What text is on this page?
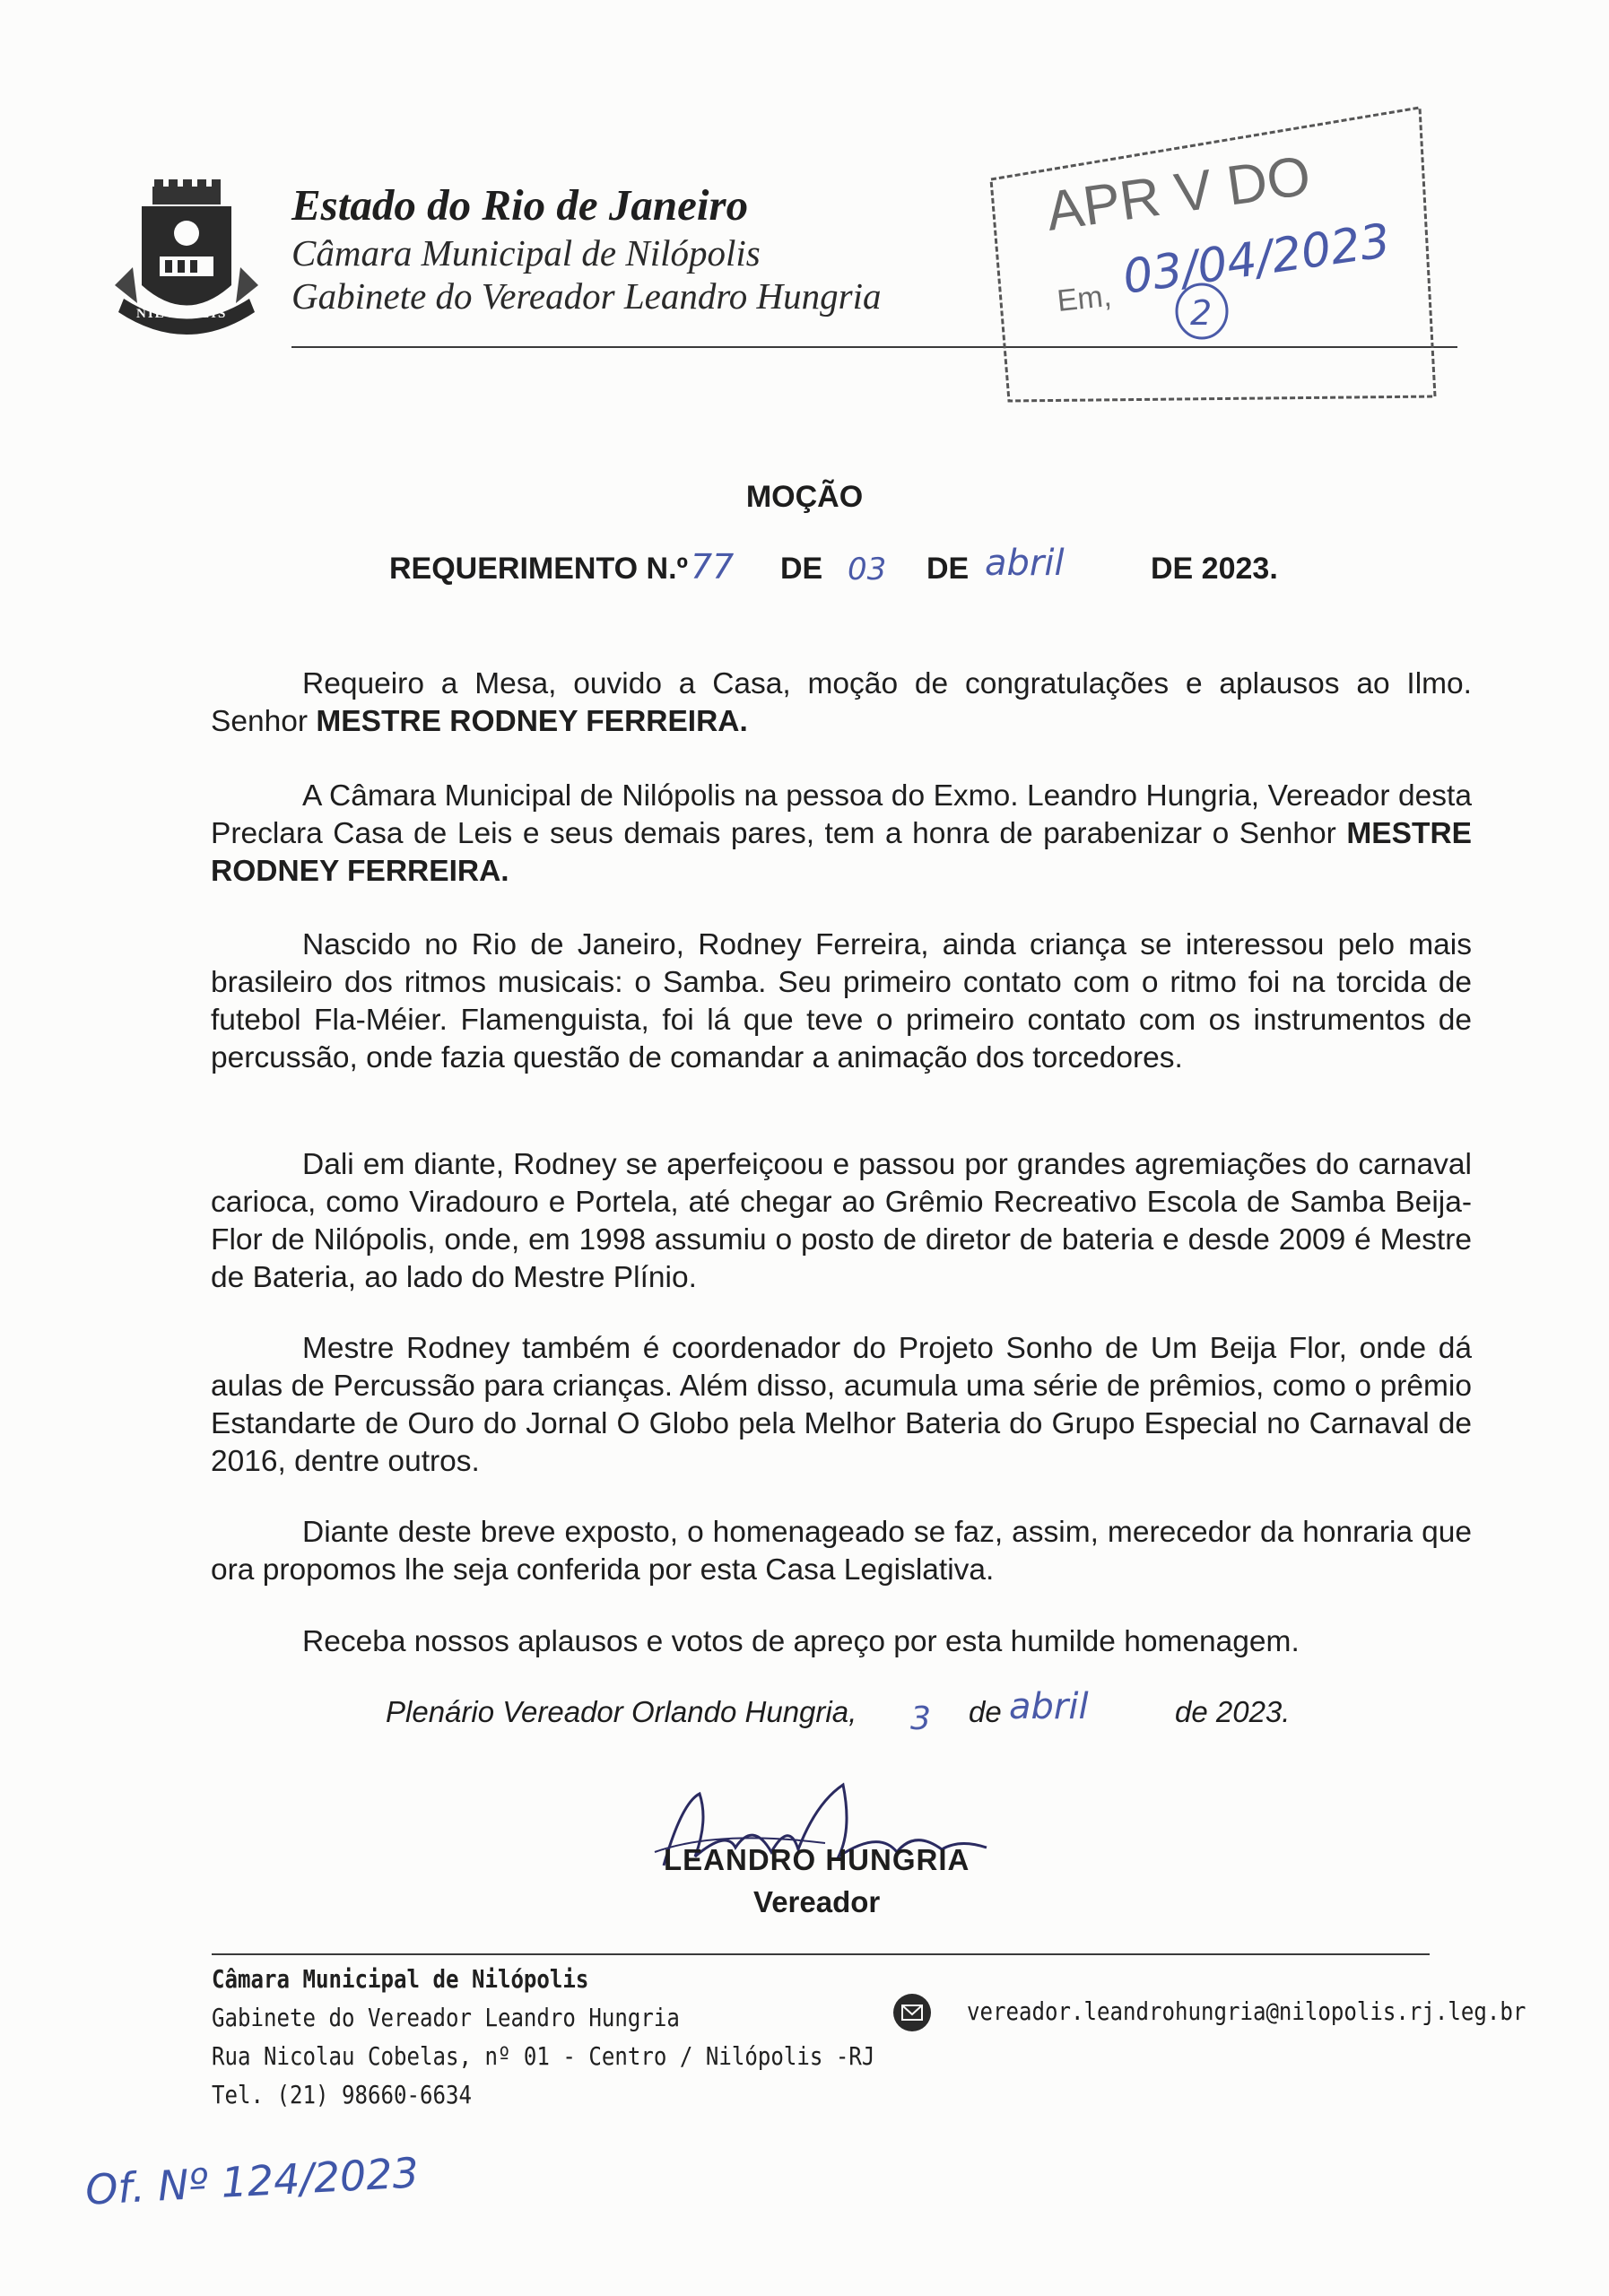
NILÓPOLIS
Estado do Rio de Janeiro
Câmara Municipal de Nilópolis
Gabinete do Vereador Leandro Hungria
APR V DO
Em, 03/04/2023
2
MOÇÃO
REQUERIMENTO N.º 77 DE 03 DE abril	DE 2023.
Requeiro a Mesa, ouvido a Casa, moção de congratulações e aplausos ao Ilmo. Senhor MESTRE RODNEY FERREIRA.
A Câmara Municipal de Nilópolis na pessoa do Exmo. Leandro Hungria, Vereador desta Preclara Casa de Leis e seus demais pares, tem a honra de parabenizar o Senhor MESTRE RODNEY FERREIRA.
Nascido no Rio de Janeiro, Rodney Ferreira, ainda criança se interessou pelo mais brasileiro dos ritmos musicais: o Samba. Seu primeiro contato com o ritmo foi na torcida de futebol Fla-Méier. Flamenguista, foi lá que teve o primeiro contato com os instrumentos de percussão, onde fazia questão de comandar a animação dos torcedores.
Dali em diante, Rodney se aperfeiçoou e passou por grandes agremiações do carnaval carioca, como Viradouro e Portela, até chegar ao Grêmio Recreativo Escola de Samba Beija-Flor de Nilópolis, onde, em 1998 assumiu o posto de diretor de bateria e desde 2009 é Mestre de Bateria, ao lado do Mestre Plínio.
Mestre Rodney também é coordenador do Projeto Sonho de Um Beija Flor, onde dá aulas de Percussão para crianças. Além disso, acumula uma série de prêmios, como o prêmio Estandarte de Ouro do Jornal O Globo pela Melhor Bateria do Grupo Especial no Carnaval de 2016, dentre outros.
Diante deste breve exposto, o homenageado se faz, assim, merecedor da honraria que ora propomos lhe seja conferida por esta Casa Legislativa.
Receba nossos aplausos e votos de apreço por esta humilde homenagem.
Plenário Vereador Orlando Hungria, 3 de abril	de 2023.
LEANDRO HUNGRIA
Vereador
Câmara Municipal de Nilópolis
Gabinete do Vereador Leandro Hungria
Rua Nicolau Cobelas, nº 01 - Centro / Nilópolis -RJ
Tel. (21) 98660-6634
vereador.leandrohungria@nilopolis.rj.leg.br
Of. Nº 124/2023
